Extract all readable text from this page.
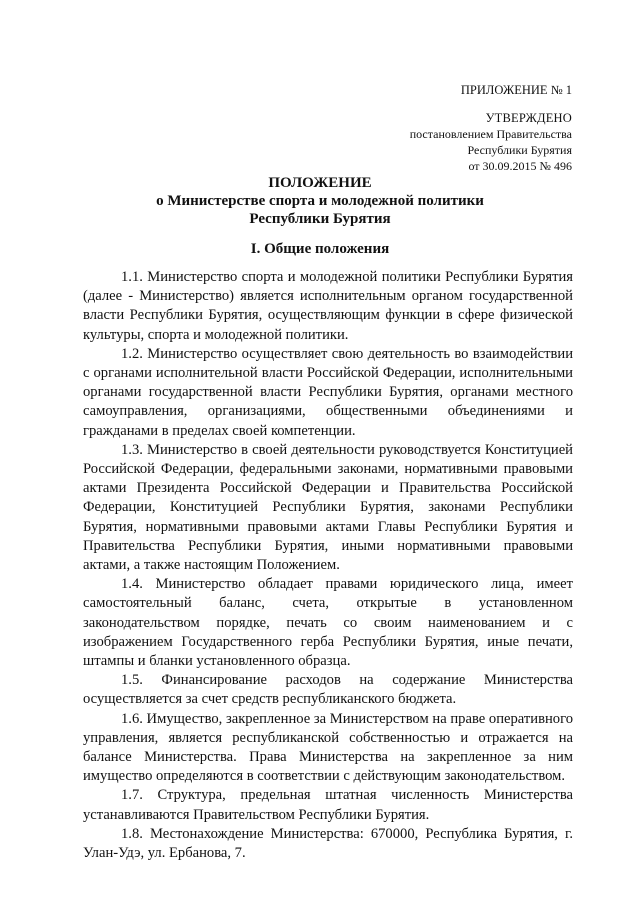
ПРИЛОЖЕНИЕ № 1
УТВЕРЖДЕНО
постановлением Правительства
Республики Бурятия
от 30.09.2015 № 496
ПОЛОЖЕНИЕ
о Министерстве спорта и молодежной политики
Республики Бурятия
I. Общие положения

1.1. Министерство спорта и молодежной политики Республики Бурятия (далее - Министерство) является исполнительным органом государственной власти Республики Бурятия, осуществляющим функции в сфере физической культуры, спорта и молодежной политики.

1.2. Министерство осуществляет свою деятельность во взаимодействии с органами исполнительной власти Российской Федерации, исполнительными органами государственной власти Республики Бурятия, органами местного самоуправления, организациями, общественными объединениями и гражданами в пределах своей компетенции.

1.3. Министерство в своей деятельности руководствуется Конституцией Российской Федерации, федеральными законами, нормативными правовыми актами Президента Российской Федерации и Правительства Российской Федерации, Конституцией Республики Бурятия, законами Республики Бурятия, нормативными правовыми актами Главы Республики Бурятия и Правительства Республики Бурятия, иными нормативными правовыми актами, а также настоящим Положением.

1.4. Министерство обладает правами юридического лица, имеет самостоятельный баланс, счета, открытые в установленном законодательством порядке, печать со своим наименованием и с изображением Государственного герба Республики Бурятия, иные печати, штампы и бланки установленного образца.

1.5. Финансирование расходов на содержание Министерства осуществляется за счет средств республиканского бюджета.

1.6. Имущество, закрепленное за Министерством на праве оперативного управления, является республиканской собственностью и отражается на балансе Министерства. Права Министерства на закрепленное за ним имущество определяются в соответствии с действующим законодательством.

1.7. Структура, предельная штатная численность Министерства устанавливаются Правительством Республики Бурятия.

1.8. Местонахождение Министерства: 670000, Республика Бурятия, г. Улан-Удэ, ул. Ербанова, 7.
